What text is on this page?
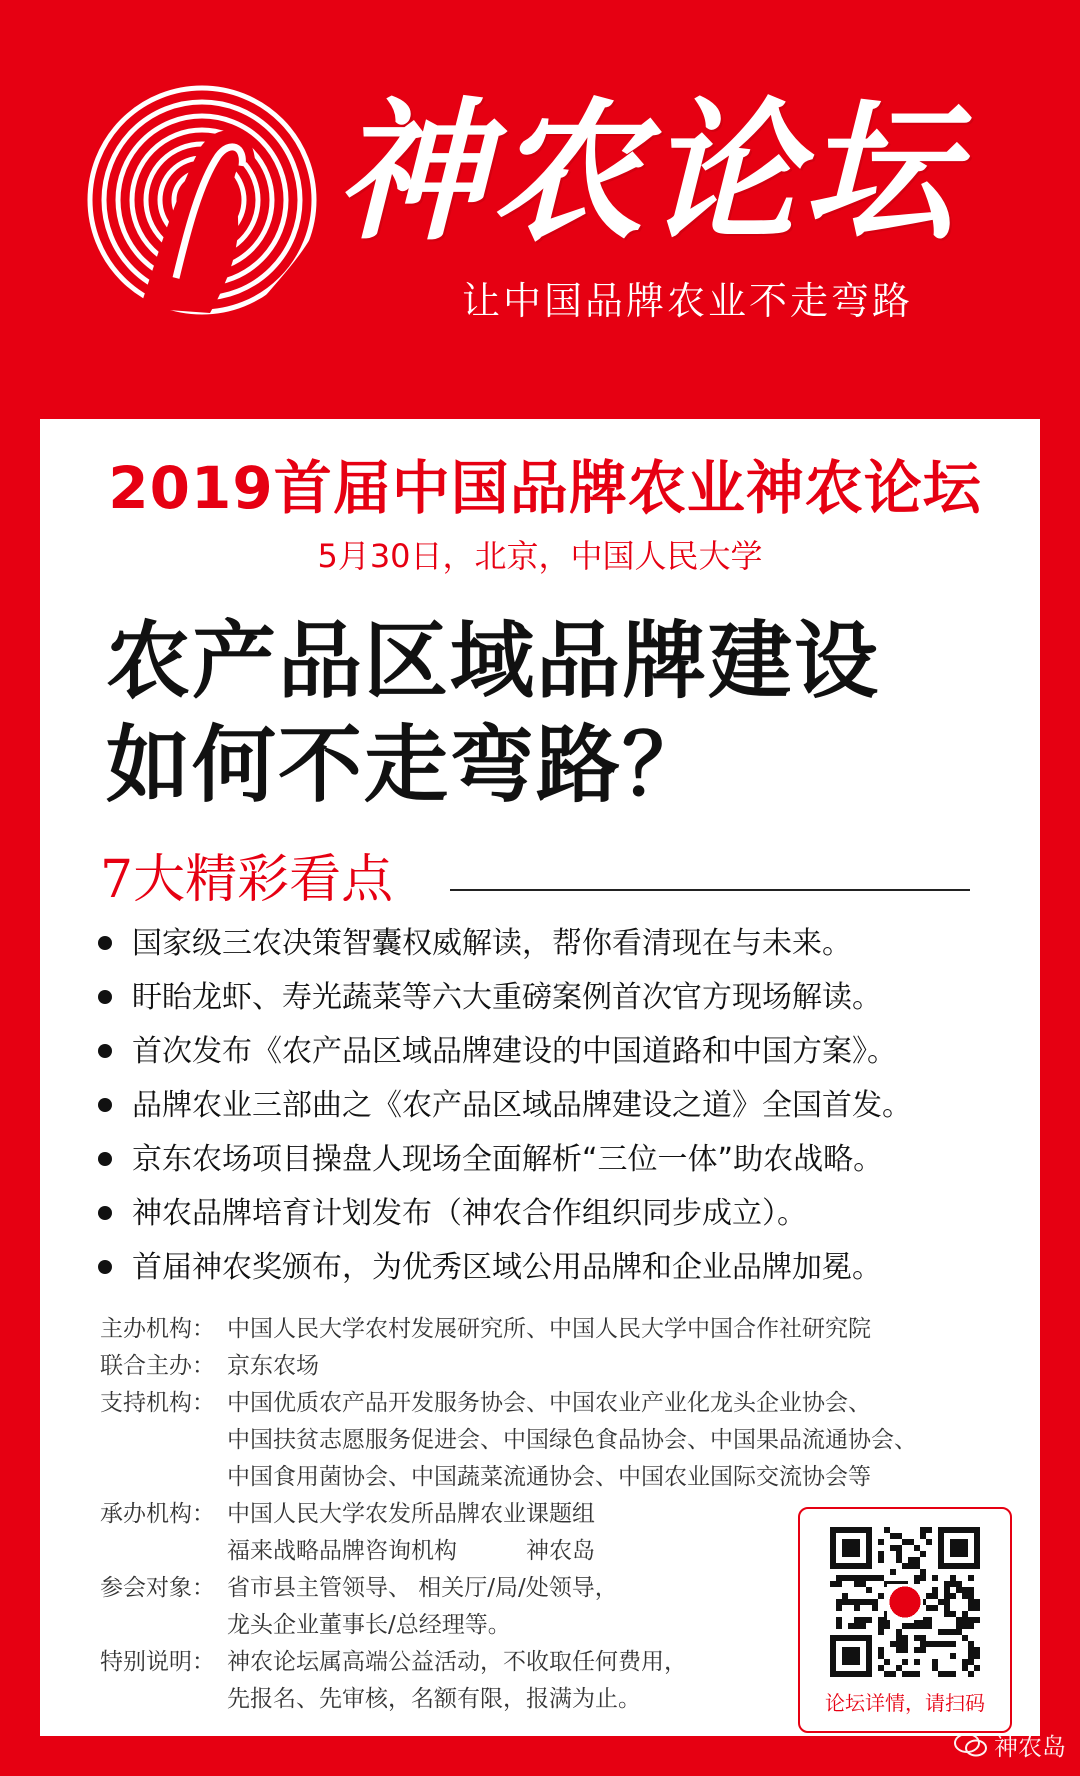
神农论坛
让中国品牌农业不走弯路
2019首届中国品牌农业神农论坛
5月30日，北京，中国人民大学
农产品区域品牌建设
如何不走弯路？
7大精彩看点
国家级三农决策智囊权威解读，帮你看清现在与未来。
盱眙龙虾、寿光蔬菜等六大重磅案例首次官方现场解读。
首次发布《农产品区域品牌建设的中国道路和中国方案》。
品牌农业三部曲之《农产品区域品牌建设之道》全国首发。
京东农场项目操盘人现场全面解析“三位一体”助农战略。
神农品牌培育计划发布（神农合作组织同步成立）。
首届神农奖颁布，为优秀区域公用品牌和企业品牌加冕。
主办机构： 中国人民大学农村发展研究所、中国人民大学中国合作社研究院
联合主办： 京东农场
支持机构： 中国优质农产品开发服务协会、中国农业产业化龙头企业协会、
中国扶贫志愿服务促进会、中国绿色食品协会、中国果品流通协会、
中国食用菌协会、中国蔬菜流通协会、中国农业国际交流协会等
承办机构： 中国人民大学农发所品牌农业课题组
福来战略品牌咨询机构　　　神农岛
参会对象： 省市县主管领导、 相关厅/局/处领导，
龙头企业董事长/总经理等。
特别说明： 神农论坛属高端公益活动，不收取任何费用，
先报名、先审核，名额有限，报满为止。	论坛详情，请扫码
神农岛
